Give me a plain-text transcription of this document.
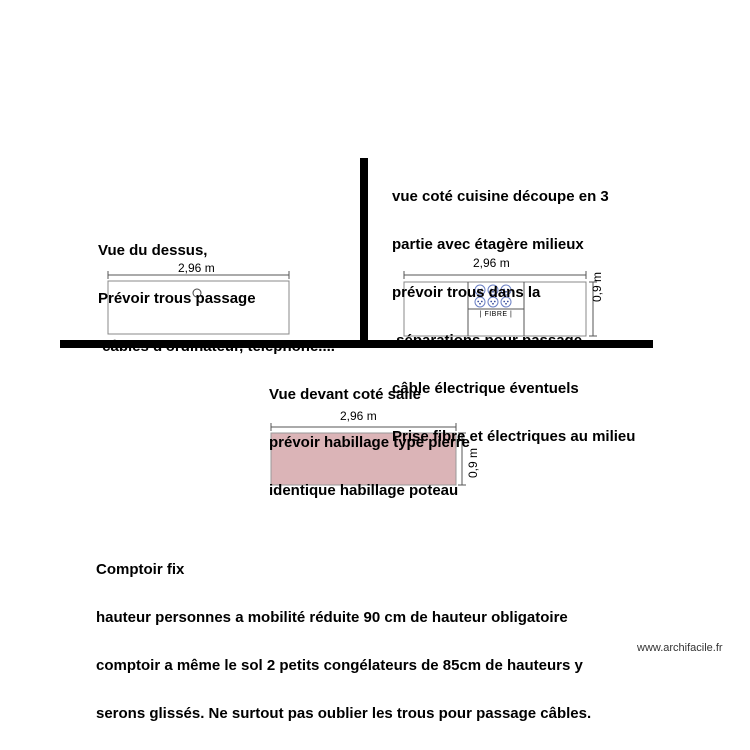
Vue du dessus,

Prévoir trous passage

câbles d'ordinateur, téléphone....

2,96 m

vue coté cuisine découpe en 3

partie avec étagère milieux

prévoir trous dans la

séparations pour passage

câble électrique éventuels

Prise fibre et électriques au milieu

2,96 m
0,9 m
| FIBRE |

Vue devant coté salle

prévoir habillage type pierre

identique habillage poteau

2,96 m
0,9 m

Comptoir fix

hauteur personnes a mobilité réduite 90 cm de hauteur obligatoire

comptoir a même le sol 2 petits congélateurs de 85cm de hauteurs y

serons glissés. Ne surtout pas oublier les trous pour passage câbles.

www.archifacile.fr
